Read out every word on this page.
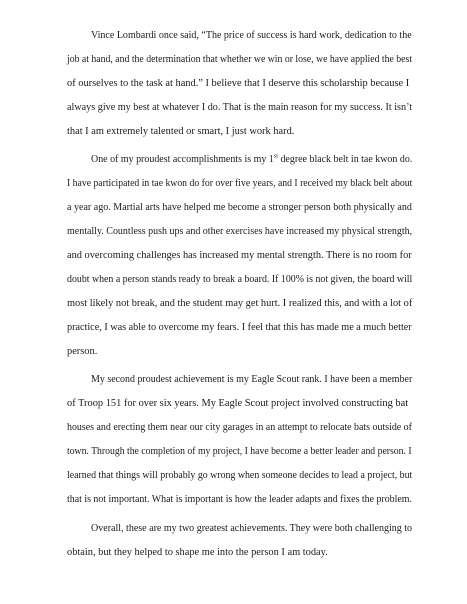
Vince Lombardi once said, “The price of success is hard work, dedication to the
job at hand, and the determination that whether we win or lose, we have applied the best
of ourselves to the task at hand.” I believe that I deserve this scholarship because I
always give my best at whatever I do. That is the main reason for my success. It isn’t
that I am extremely talented or smart, I just work hard.
One of my proudest accomplishments is my 1st degree black belt in tae kwon do.
I have participated in tae kwon do for over five years, and I received my black belt about
a year ago. Martial arts have helped me become a stronger person both physically and
mentally. Countless push ups and other exercises have increased my physical strength,
and overcoming challenges has increased my mental strength. There is no room for
doubt when a person stands ready to break a board. If 100% is not given, the board will
most likely not break, and the student may get hurt. I realized this, and with a lot of
practice, I was able to overcome my fears. I feel that this has made me a much better
person.
My second proudest achievement is my Eagle Scout rank. I have been a member
of Troop 151 for over six years. My Eagle Scout project involved constructing bat
houses and erecting them near our city garages in an attempt to relocate bats outside of
town. Through the completion of my project, I have become a better leader and person. I
learned that things will probably go wrong when someone decides to lead a project, but
that is not important. What is important is how the leader adapts and fixes the problem.
Overall, these are my two greatest achievements. They were both challenging to
obtain, but they helped to shape me into the person I am today.
